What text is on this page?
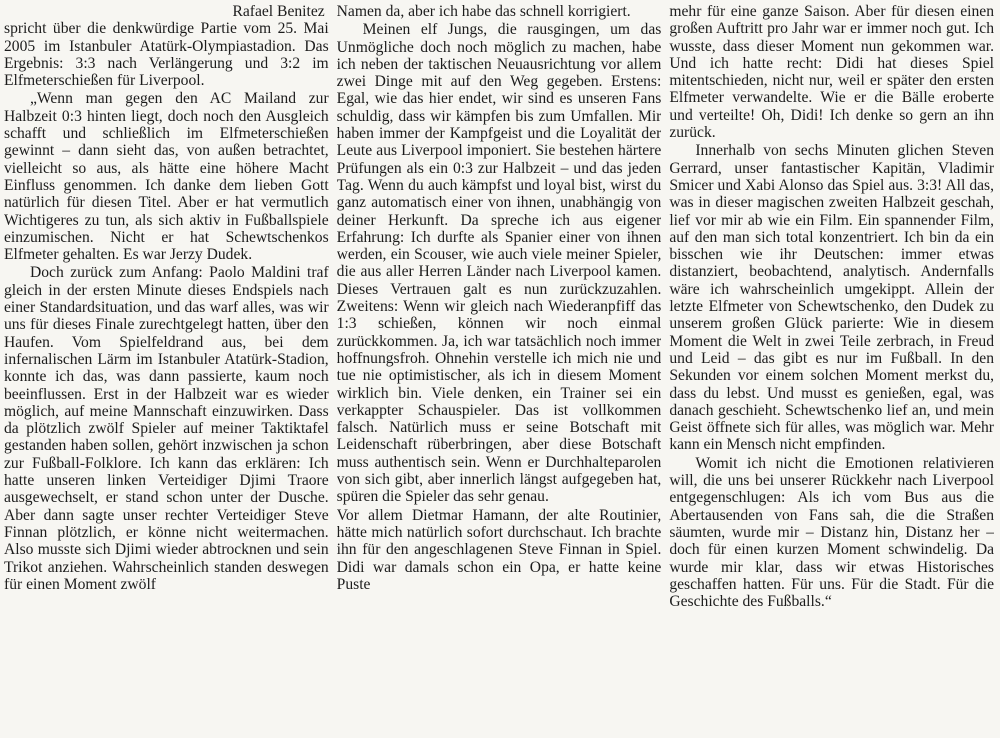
Rafael Benitez

spricht über die denkwürdige Partie vom 25. Mai 2005 im Istanbuler Atatürk-Olympiastadion. Das Ergebnis: 3:3 nach Verlängerung und 3:2 im Elfmeterschießen für Liverpool.

„Wenn man gegen den AC Mailand zur Halbzeit 0:3 hinten liegt, doch noch den Ausgleich schafft und schließlich im Elfmeterschießen gewinnt – dann sieht das, von außen betrachtet, vielleicht so aus, als hätte eine höhere Macht Einfluss genommen. Ich danke dem lieben Gott natürlich für diesen Titel. Aber er hat vermutlich Wichtigeres zu tun, als sich aktiv in Fußballspiele einzumischen. Nicht er hat Schewtschenkos Elfmeter gehalten. Es war Jerzy Dudek.

Doch zurück zum Anfang: Paolo Maldini traf gleich in der ersten Minute dieses Endspiels nach einer Standardsituation, und das warf alles, was wir uns für dieses Finale zurechtgelegt hatten, über den Haufen. Vom Spielfeldrand aus, bei dem infernalischen Lärm im Istanbuler Atatürk-Stadion, konnte ich das, was dann passierte, kaum noch beeinflussen. Erst in der Halbzeit war es wieder möglich, auf meine Mannschaft einzuwirken. Dass da plötzlich zwölf Spieler auf meiner Taktiktafel gestanden haben sollen, gehört inzwischen ja schon zur Fußball-Folklore. Ich kann das erklären: Ich hatte unseren linken Verteidiger Djimi Traore ausgewechselt, er stand schon unter der Dusche. Aber dann sagte unser rechter Verteidiger Steve Finnan plötzlich, er könne nicht weitermachen. Also musste sich Djimi wieder abtrocknen und sein Trikot anziehen. Wahrscheinlich standen deswegen für einen Moment zwölf

Namen da, aber ich habe das schnell korrigiert.

Meinen elf Jungs, die rausgingen, um das Unmögliche doch noch möglich zu machen, habe ich neben der taktischen Neuausrichtung vor allem zwei Dinge mit auf den Weg gegeben. Erstens: Egal, wie das hier endet, wir sind es unseren Fans schuldig, dass wir kämpfen bis zum Umfallen. Mir haben immer der Kampfgeist und die Loyalität der Leute aus Liverpool imponiert. Sie bestehen härtere Prüfungen als ein 0:3 zur Halbzeit – und das jeden Tag. Wenn du auch kämpfst und loyal bist, wirst du ganz automatisch einer von ihnen, unabhängig von deiner Herkunft. Da spreche ich aus eigener Erfahrung: Ich durfte als Spanier einer von ihnen werden, ein Scouser, wie auch viele meiner Spieler, die aus aller Herren Länder nach Liverpool kamen. Dieses Vertrauen galt es nun zurückzuzahlen. Zweitens: Wenn wir gleich nach Wiederanpfiff das 1:3 schießen, können wir noch einmal zurückkommen. Ja, ich war tatsächlich noch immer hoffnungsfroh. Ohnehin verstelle ich mich nie und tue nie optimistischer, als ich in diesem Moment wirklich bin. Viele denken, ein Trainer sei ein verkappter Schauspieler. Das ist vollkommen falsch. Natürlich muss er seine Botschaft mit Leidenschaft rüberbringen, aber diese Botschaft muss authentisch sein. Wenn er Durchhalteparolen von sich gibt, aber innerlich längst aufgegeben hat, spüren die Spieler das sehr genau.

Vor allem Dietmar Hamann, der alte Routinier, hätte mich natürlich sofort durchschaut. Ich brachte ihn für den angeschlagenen Steve Finnan in Spiel. Didi war damals schon ein Opa, er hatte keine Puste

mehr für eine ganze Saison. Aber für diesen einen großen Auftritt pro Jahr war er immer noch gut. Ich wusste, dass dieser Moment nun gekommen war. Und ich hatte recht: Didi hat dieses Spiel mitentschieden, nicht nur, weil er später den ersten Elfmeter verwandelte. Wie er die Bälle eroberte und verteilte! Oh, Didi! Ich denke so gern an ihn zurück.

Innerhalb von sechs Minuten glichen Steven Gerrard, unser fantastischer Kapitän, Vladimir Smicer und Xabi Alonso das Spiel aus. 3:3! All das, was in dieser magischen zweiten Halbzeit geschah, lief vor mir ab wie ein Film. Ein spannender Film, auf den man sich total konzentriert. Ich bin da ein bisschen wie ihr Deutschen: immer etwas distanziert, beobachtend, analytisch. Andernfalls wäre ich wahrscheinlich umgekippt. Allein der letzte Elfmeter von Schewtschenko, den Dudek zu unserem großen Glück parierte: Wie in diesem Moment die Welt in zwei Teile zerbrach, in Freud und Leid – das gibt es nur im Fußball. In den Sekunden vor einem solchen Moment merkst du, dass du lebst. Und musst es genießen, egal, was danach geschieht. Schewtschenko lief an, und mein Geist öffnete sich für alles, was möglich war. Mehr kann ein Mensch nicht empfinden.

Womit ich nicht die Emotionen relativieren will, die uns bei unserer Rückkehr nach Liverpool entgegenschlugen: Als ich vom Bus aus die Abertausenden von Fans sah, die die Straßen säumten, wurde mir – Distanz hin, Distanz her – doch für einen kurzen Moment schwindelig. Da wurde mir klar, dass wir etwas Historisches geschaffen hatten. Für uns. Für die Stadt. Für die Geschichte des Fußballs.“
